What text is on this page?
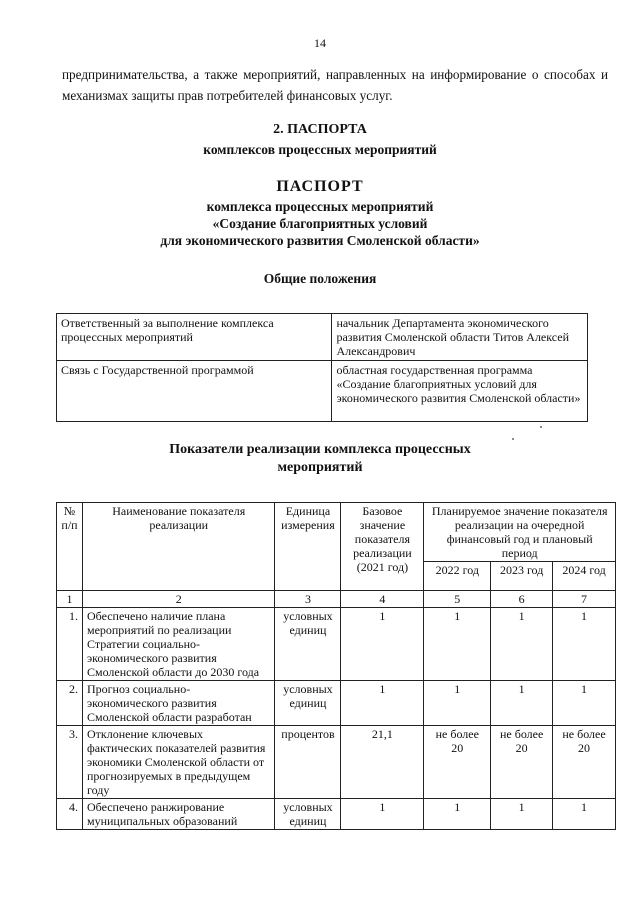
14
предпринимательства, а также мероприятий, направленных на информирование о способах и механизмах защиты прав потребителей финансовых услуг.
2. ПАСПОРТА
комплексов процессных мероприятий
ПАСПОРТ
комплекса процессных мероприятий
«Создание благоприятных условий
для экономического развития Смоленской области»
Общие положения
Ответственный за выполнение комплекса процессных мероприятий	начальник Департамента экономического развития Смоленской области Титов Алексей Александрович
Связь с Государственной программой	областная государственная программа «Создание благоприятных условий для экономического развития Смоленской области»
Показатели реализации комплекса процессных
мероприятий
№ п/п	Наименование показателя реализации	Единица измерения	Базовое значение показателя реализации (2021 год)	Планируемое значение показателя реализации на очередной финансовый год и плановый период		
				2022 год	2023 год	2024 год
1	2	3	4	5	6	7
1.	Обеспечено наличие плана мероприятий по реализации Стратегии социально-экономического развития Смоленской области до 2030 года	условных единиц	1	1	1	1
2.	Прогноз социально-экономического развития Смоленской области разработан	условных единиц	1	1	1	1
3.	Отклонение ключевых фактических показателей развития экономики Смоленской области от прогнозируемых в предыдущем году	процентов	21,1	не более 20	не более 20	не более 20
4.	Обеспечено ранжирование муниципальных образований	условных единиц	1	1	1	1
